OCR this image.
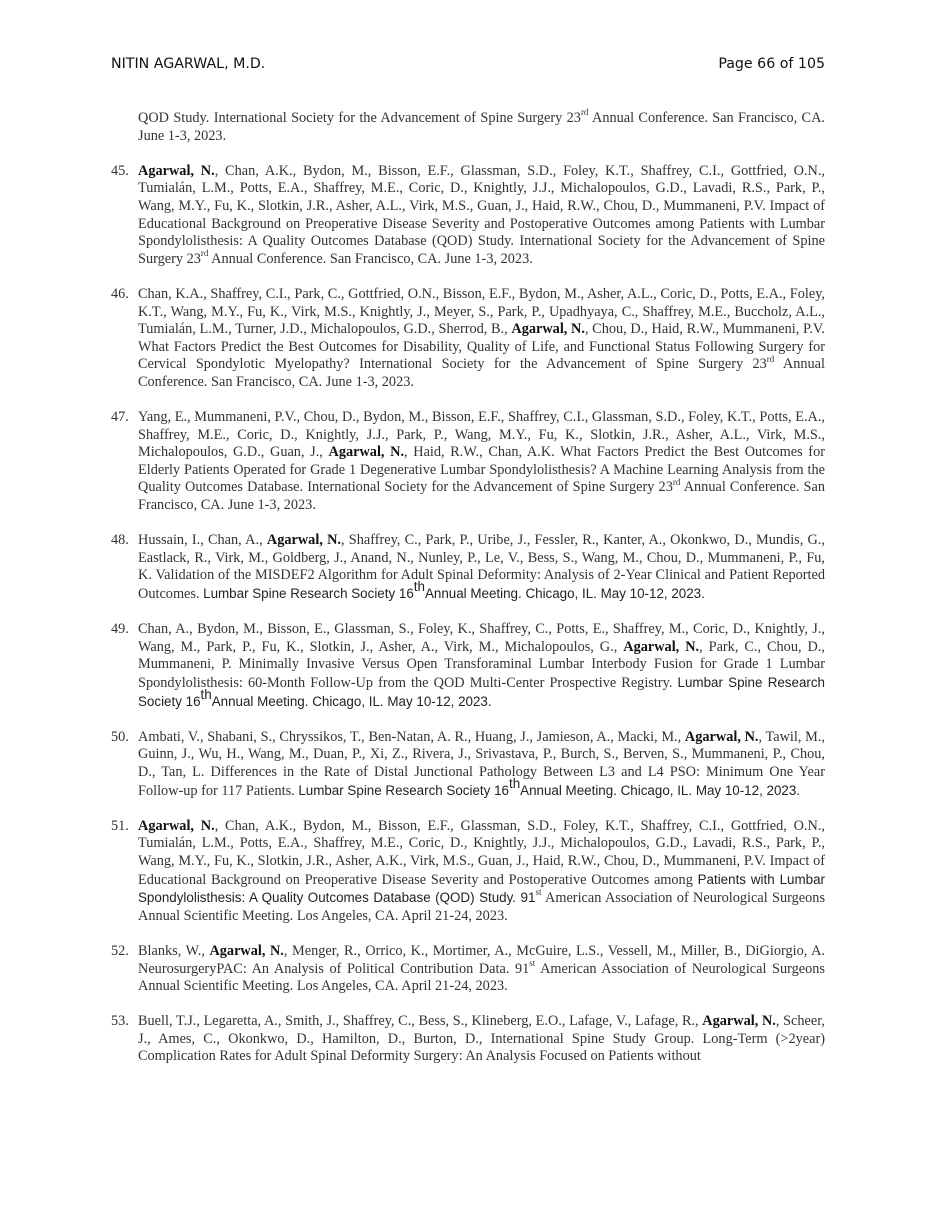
NITIN AGARWAL, M.D.	Page 66 of 105
QOD Study. International Society for the Advancement of Spine Surgery 23rd Annual Conference. San Francisco, CA. June 1-3, 2023.
45. Agarwal, N., Chan, A.K., Bydon, M., Bisson, E.F., Glassman, S.D., Foley, K.T., Shaffrey, C.I., Gottfried, O.N., Tumialán, L.M., Potts, E.A., Shaffrey, M.E., Coric, D., Knightly, J.J., Michalopoulos, G.D., Lavadi, R.S., Park, P., Wang, M.Y., Fu, K., Slotkin, J.R., Asher, A.L., Virk, M.S., Guan, J., Haid, R.W., Chou, D., Mummaneni, P.V. Impact of Educational Background on Preoperative Disease Severity and Postoperative Outcomes among Patients with Lumbar Spondylolisthesis: A Quality Outcomes Database (QOD) Study. International Society for the Advancement of Spine Surgery 23rd Annual Conference. San Francisco, CA. June 1-3, 2023.
46. Chan, K.A., Shaffrey, C.I., Park, C., Gottfried, O.N., Bisson, E.F., Bydon, M., Asher, A.L., Coric, D., Potts, E.A., Foley, K.T., Wang, M.Y., Fu, K., Virk, M.S., Knightly, J., Meyer, S., Park, P., Upadhyaya, C., Shaffrey, M.E., Buccholz, A.L., Tumialán, L.M., Turner, J.D., Michalopoulos, G.D., Sherrod, B., Agarwal, N., Chou, D., Haid, R.W., Mummaneni, P.V. What Factors Predict the Best Outcomes for Disability, Quality of Life, and Functional Status Following Surgery for Cervical Spondylotic Myelopathy? International Society for the Advancement of Spine Surgery 23rd Annual Conference. San Francisco, CA. June 1-3, 2023.
47. Yang, E., Mummaneni, P.V., Chou, D., Bydon, M., Bisson, E.F., Shaffrey, C.I., Glassman, S.D., Foley, K.T., Potts, E.A., Shaffrey, M.E., Coric, D., Knightly, J.J., Park, P., Wang, M.Y., Fu, K., Slotkin, J.R., Asher, A.L., Virk, M.S., Michalopoulos, G.D., Guan, J., Agarwal, N., Haid, R.W., Chan, A.K. What Factors Predict the Best Outcomes for Elderly Patients Operated for Grade 1 Degenerative Lumbar Spondylolisthesis? A Machine Learning Analysis from the Quality Outcomes Database. International Society for the Advancement of Spine Surgery 23rd Annual Conference. San Francisco, CA. June 1-3, 2023.
48. Hussain, I., Chan, A., Agarwal, N., Shaffrey, C., Park, P., Uribe, J., Fessler, R., Kanter, A., Okonkwo, D., Mundis, G., Eastlack, R., Virk, M., Goldberg, J., Anand, N., Nunley, P., Le, V., Bess, S., Wang, M., Chou, D., Mummaneni, P., Fu, K. Validation of the MISDEF2 Algorithm for Adult Spinal Deformity: Analysis of 2-Year Clinical and Patient Reported Outcomes. Lumbar Spine Research Society 16thAnnual Meeting. Chicago, IL. May 10-12, 2023.
49. Chan, A., Bydon, M., Bisson, E., Glassman, S., Foley, K., Shaffrey, C., Potts, E., Shaffrey, M., Coric, D., Knightly, J., Wang, M., Park, P., Fu, K., Slotkin, J., Asher, A., Virk, M., Michalopoulos, G., Agarwal, N., Park, C., Chou, D., Mummaneni, P. Minimally Invasive Versus Open Transforaminal Lumbar Interbody Fusion for Grade 1 Lumbar Spondylolisthesis: 60-Month Follow-Up from the QOD Multi-Center Prospective Registry. Lumbar Spine Research Society 16thAnnual Meeting. Chicago, IL. May 10-12, 2023.
50. Ambati, V., Shabani, S., Chryssikos, T., Ben-Natan, A. R., Huang, J., Jamieson, A., Macki, M., Agarwal, N., Tawil, M., Guinn, J., Wu, H., Wang, M., Duan, P., Xi, Z., Rivera, J., Srivastava, P., Burch, S., Berven, S., Mummaneni, P., Chou, D., Tan, L. Differences in the Rate of Distal Junctional Pathology Between L3 and L4 PSO: Minimum One Year Follow-up for 117 Patients. Lumbar Spine Research Society 16thAnnual Meeting. Chicago, IL. May 10-12, 2023.
51. Agarwal, N., Chan, A.K., Bydon, M., Bisson, E.F., Glassman, S.D., Foley, K.T., Shaffrey, C.I., Gottfried, O.N., Tumialán, L.M., Potts, E.A., Shaffrey, M.E., Coric, D., Knightly, J.J., Michalopoulos, G.D., Lavadi, R.S., Park, P., Wang, M.Y., Fu, K., Slotkin, J.R., Asher, A.K., Virk, M.S., Guan, J., Haid, R.W., Chou, D., Mummaneni, P.V. Impact of Educational Background on Preoperative Disease Severity and Postoperative Outcomes among Patients with Lumbar Spondylolisthesis: A Quality Outcomes Database (QOD) Study. 91st American Association of Neurological Surgeons Annual Scientific Meeting. Los Angeles, CA. April 21-24, 2023.
52. Blanks, W., Agarwal, N., Menger, R., Orrico, K., Mortimer, A., McGuire, L.S., Vessell, M., Miller, B., DiGiorgio, A. NeurosurgeryPAC: An Analysis of Political Contribution Data. 91st American Association of Neurological Surgeons Annual Scientific Meeting. Los Angeles, CA. April 21-24, 2023.
53. Buell, T.J., Legaretta, A., Smith, J., Shaffrey, C., Bess, S., Klineberg, E.O., Lafage, V., Lafage, R., Agarwal, N., Scheer, J., Ames, C., Okonkwo, D., Hamilton, D., Burton, D., International Spine Study Group. Long-Term (>2year) Complication Rates for Adult Spinal Deformity Surgery: An Analysis Focused on Patients without
